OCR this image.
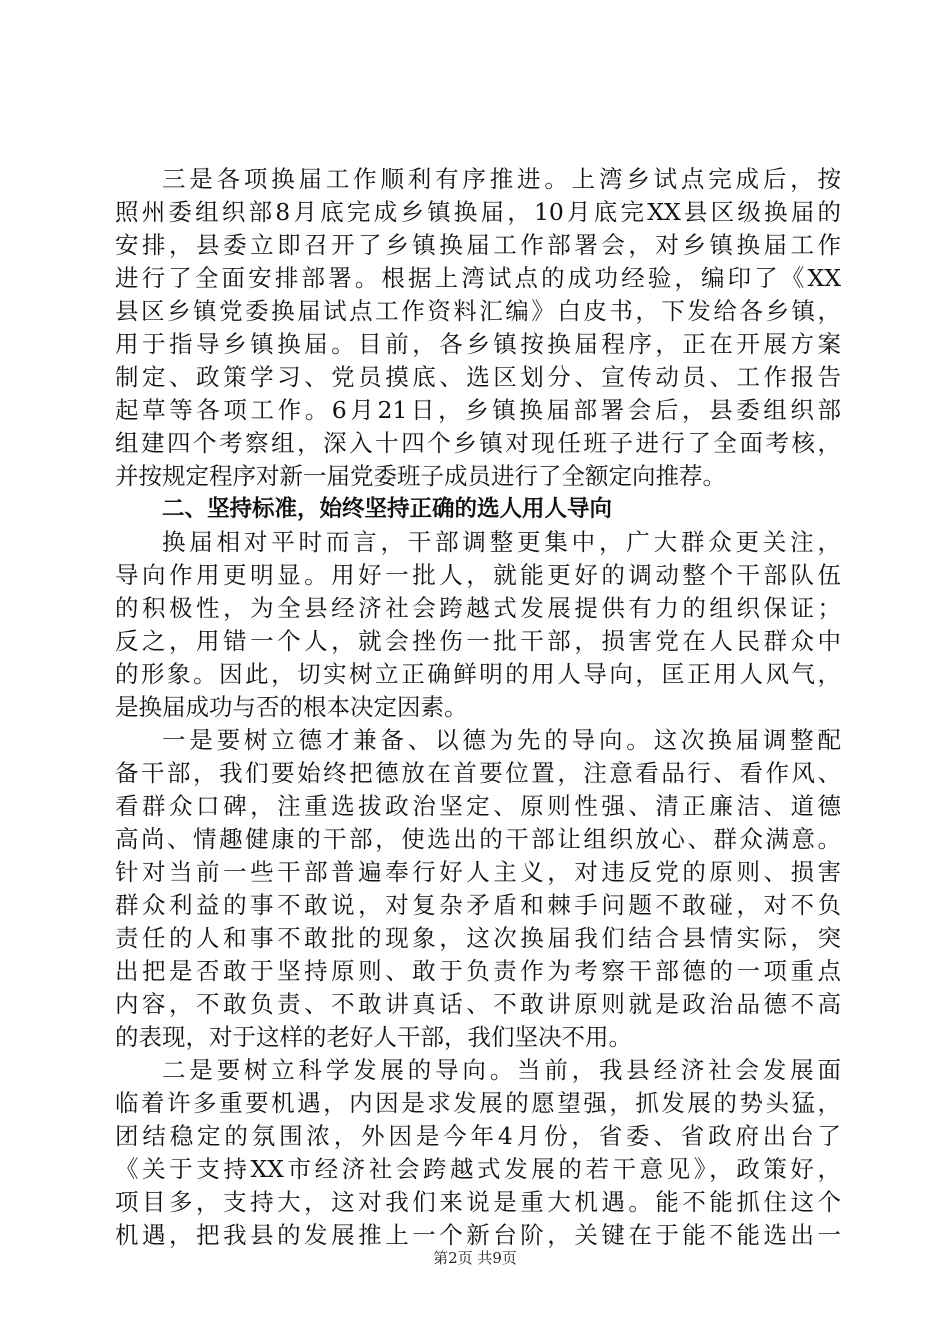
三是各项换届工作顺利有序推进。上湾乡试点完成后，按
照州委组织部8月底完成乡镇换届，10月底完XX县区级换届的
安排，县委立即召开了乡镇换届工作部署会，对乡镇换届工作
进行了全面安排部署。根据上湾试点的成功经验，编印了《XX
县区乡镇党委换届试点工作资料汇编》白皮书，下发给各乡镇，
用于指导乡镇换届。目前，各乡镇按换届程序，正在开展方案
制定、政策学习、党员摸底、选区划分、宣传动员、工作报告
起草等各项工作。6月21日，乡镇换届部署会后，县委组织部
组建四个考察组，深入十四个乡镇对现任班子进行了全面考核，
并按规定程序对新一届党委班子成员进行了全额定向推荐。
二、坚持标准，始终坚持正确的选人用人导向
换届相对平时而言，干部调整更集中，广大群众更关注，
导向作用更明显。用好一批人，就能更好的调动整个干部队伍
的积极性，为全县经济社会跨越式发展提供有力的组织保证；
反之，用错一个人，就会挫伤一批干部，损害党在人民群众中
的形象。因此，切实树立正确鲜明的用人导向，匡正用人风气，
是换届成功与否的根本决定因素。
一是要树立德才兼备、以德为先的导向。这次换届调整配
备干部，我们要始终把德放在首要位置，注意看品行、看作风、
看群众口碑，注重选拔政治坚定、原则性强、清正廉洁、道德
高尚、情趣健康的干部，使选出的干部让组织放心、群众满意。
针对当前一些干部普遍奉行好人主义，对违反党的原则、损害
群众利益的事不敢说，对复杂矛盾和棘手问题不敢碰，对不负
责任的人和事不敢批的现象，这次换届我们结合县情实际，突
出把是否敢于坚持原则、敢于负责作为考察干部德的一项重点
内容，不敢负责、不敢讲真话、不敢讲原则就是政治品德不高
的表现，对于这样的老好人干部，我们坚决不用。
二是要树立科学发展的导向。当前，我县经济社会发展面
临着许多重要机遇，内因是求发展的愿望强，抓发展的势头猛，
团结稳定的氛围浓，外因是今年4月份，省委、省政府出台了
《关于支持XX市经济社会跨越式发展的若干意见》，政策好，
项目多，支持大，这对我们来说是重大机遇。能不能抓住这个
机遇，把我县的发展推上一个新台阶，关键在于能不能选出一
第2页 共9页
